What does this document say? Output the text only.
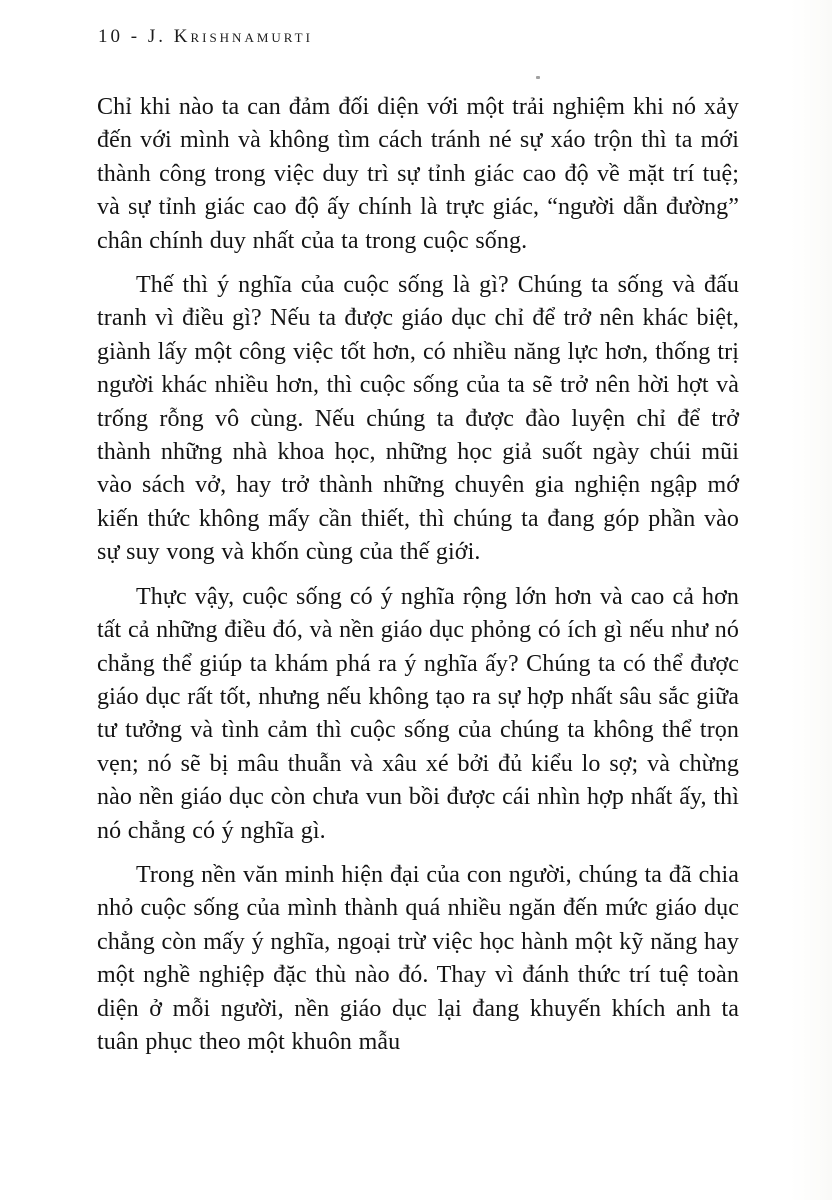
10 - J. Krishnamurti

Chỉ khi nào ta can đảm đối diện với một trải nghiệm khi nó xảy đến với mình và không tìm cách tránh né sự xáo trộn thì ta mới thành công trong việc duy trì sự tỉnh giác cao độ về mặt trí tuệ; và sự tỉnh giác cao độ ấy chính là trực giác, “người dẫn đường” chân chính duy nhất của ta trong cuộc sống.

Thế thì ý nghĩa của cuộc sống là gì? Chúng ta sống và đấu tranh vì điều gì? Nếu ta được giáo dục chỉ để trở nên khác biệt, giành lấy một công việc tốt hơn, có nhiều năng lực hơn, thống trị người khác nhiều hơn, thì cuộc sống của ta sẽ trở nên hời hợt và trống rỗng vô cùng. Nếu chúng ta được đào luyện chỉ để trở thành những nhà khoa học, những học giả suốt ngày chúi mũi vào sách vở, hay trở thành những chuyên gia nghiện ngập mớ kiến thức không mấy cần thiết, thì chúng ta đang góp phần vào sự suy vong và khốn cùng của thế giới.

Thực vậy, cuộc sống có ý nghĩa rộng lớn hơn và cao cả hơn tất cả những điều đó, và nền giáo dục phỏng có ích gì nếu như nó chẳng thể giúp ta khám phá ra ý nghĩa ấy? Chúng ta có thể được giáo dục rất tốt, nhưng nếu không tạo ra sự hợp nhất sâu sắc giữa tư tưởng và tình cảm thì cuộc sống của chúng ta không thể trọn vẹn; nó sẽ bị mâu thuẫn và xâu xé bởi đủ kiểu lo sợ; và chừng nào nền giáo dục còn chưa vun bồi được cái nhìn hợp nhất ấy, thì nó chẳng có ý nghĩa gì.

Trong nền văn minh hiện đại của con người, chúng ta đã chia nhỏ cuộc sống của mình thành quá nhiều ngăn đến mức giáo dục chẳng còn mấy ý nghĩa, ngoại trừ việc học hành một kỹ năng hay một nghề nghiệp đặc thù nào đó. Thay vì đánh thức trí tuệ toàn diện ở mỗi người, nền giáo dục lại đang khuyến khích anh ta tuân phục theo một khuôn mẫu
